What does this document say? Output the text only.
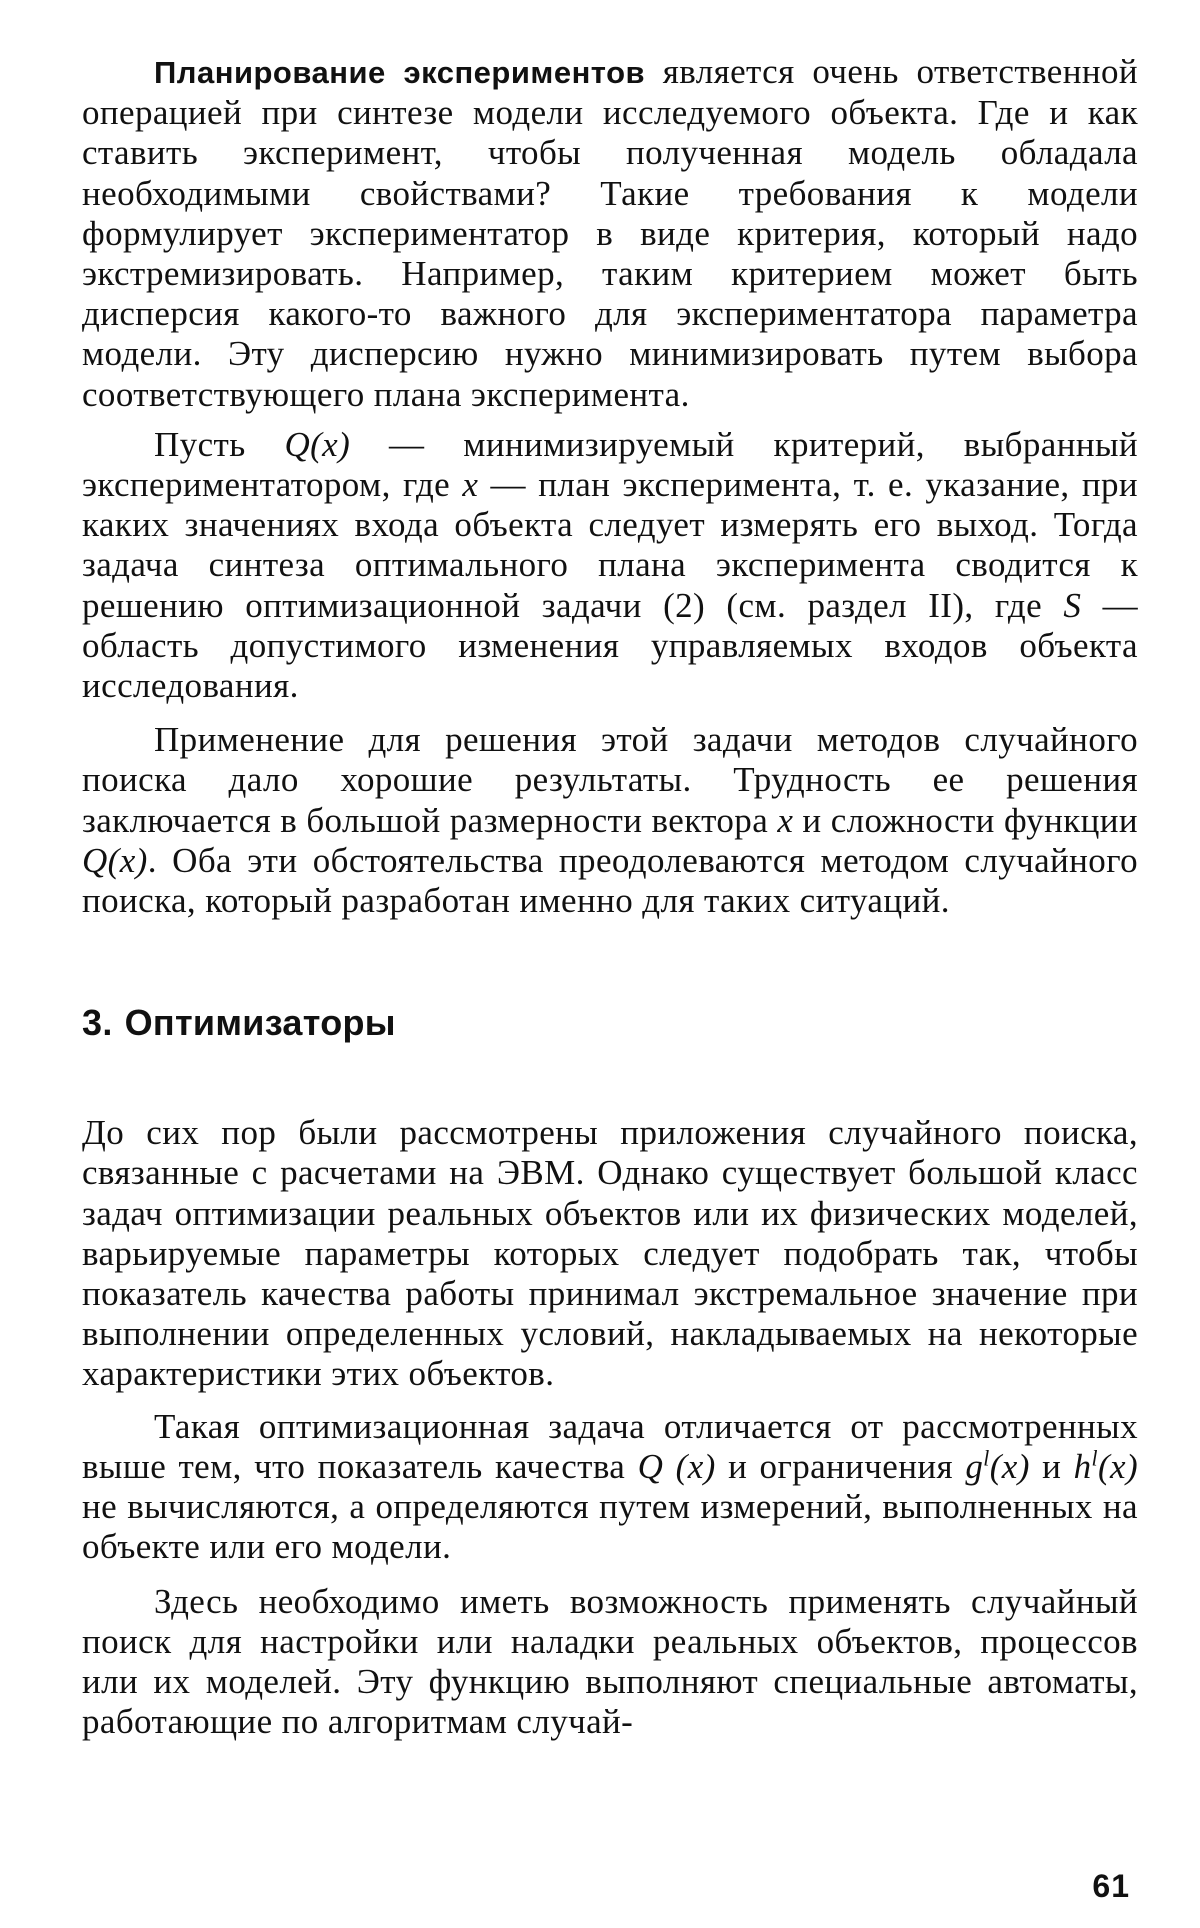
Планирование экспериментов является очень ответственной операцией при синтезе модели исследуемого объекта. Где и как ставить эксперимент, чтобы полученная модель обладала необходимыми свойствами? Такие требования к модели формулирует экспериментатор в виде критерия, который надо экстремизировать. Например, таким критерием может быть дисперсия какого-то важного для экспериментатора параметра модели. Эту дисперсию нужно минимизировать путем выбора соответствующего плана эксперимента.

Пусть Q(x) — минимизируемый критерий, выбранный экспериментатором, где x — план эксперимента, т. е. указание, при каких значениях входа объекта следует измерять его выход. Тогда задача синтеза оптимального плана эксперимента сводится к решению оптимизационной задачи (2) (см. раздел II), где S — область допустимого изменения управляемых входов объекта исследования.

Применение для решения этой задачи методов случайного поиска дало хорошие результаты. Трудность ее решения заключается в большой размерности вектора x и сложности функции Q(x). Оба эти обстоятельства преодолеваются методом случайного поиска, который разработан именно для таких ситуаций.

3. Оптимизаторы

До сих пор были рассмотрены приложения случайного поиска, связанные с расчетами на ЭВМ. Однако существует большой класс задач оптимизации реальных объектов или их физических моделей, варьируемые параметры которых следует подобрать так, чтобы показатель качества работы принимал экстремальное значение при выполнении определенных условий, накладываемых на некоторые характеристики этих объектов.

Такая оптимизационная задача отличается от рассмотренных выше тем, что показатель качества Q (x) и ограничения $g^l(x)$ и $h^l(x)$ не вычисляются, а определяются путем измерений, выполненных на объекте или его модели.

Здесь необходимо иметь возможность применять случайный поиск для настройки или наладки реальных объектов, процессов или их моделей. Эту функцию выполняют специальные автоматы, работающие по алгоритмам случай-

61
